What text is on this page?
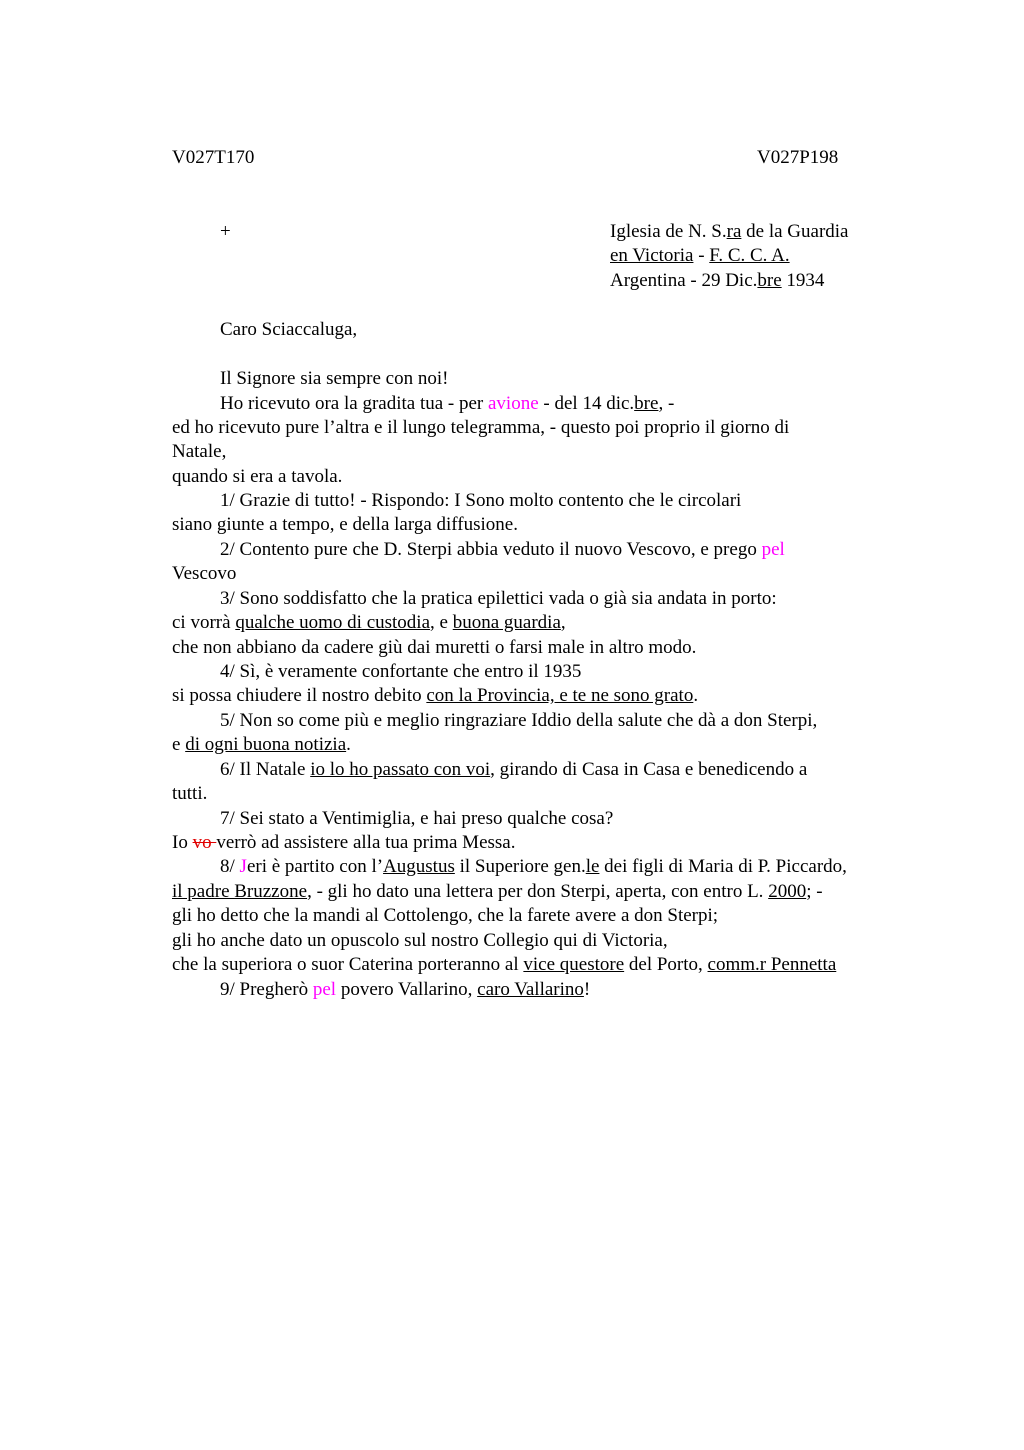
V027T170	V027P198
+	Iglesia de N. S.ra de la Guardia
en Victoria - F. C. C. A.
Argentina - 29 Dic.bre 1934
Caro Sciaccaluga,
Il Signore sia sempre con noi!
Ho ricevuto ora la gradita tua - per avione - del 14 dic.bre, -
ed ho ricevuto pure l’altra e il lungo telegramma, - questo poi proprio il giorno di
Natale,
quando si era a tavola.
1/ Grazie di tutto! - Rispondo: I Sono molto contento che le circolari
siano giunte a tempo, e della larga diffusione.
2/ Contento pure che D. Sterpi abbia veduto il nuovo Vescovo, e prego pel
Vescovo
3/ Sono soddisfatto che la pratica epilettici vada o già sia andata in porto:
ci vorrà qualche uomo di custodia, e buona guardia,
che non abbiano da cadere giù dai muretti o farsi male in altro modo.
4/ Sì, è veramente confortante che entro il 1935
si possa chiudere il nostro debito con la Provincia, e te ne sono grato.
5/ Non so come più e meglio ringraziare Iddio della salute che dà a don Sterpi,
e di ogni buona notizia.
6/ Il Natale io lo ho passato con voi, girando di Casa in Casa e benedicendo a
tutti.
7/ Sei stato a Ventimiglia, e hai preso qualche cosa?
Io vo verrò ad assistere alla tua prima Messa.
8/ Jeri è partito con l’Augustus il Superiore gen.le dei figli di Maria di P. Piccardo,
il padre Bruzzone, - gli ho dato una lettera per don Sterpi, aperta, con entro L. 2000; -
gli ho detto che la mandi al Cottolengo, che la farete avere a don Sterpi;
gli ho anche dato un opuscolo sul nostro Collegio qui di Victoria,
che la superiora o suor Caterina porteranno al vice questore del Porto, comm.r Pennetta
9/ Pregherò pel povero Vallarino, caro Vallarino!
